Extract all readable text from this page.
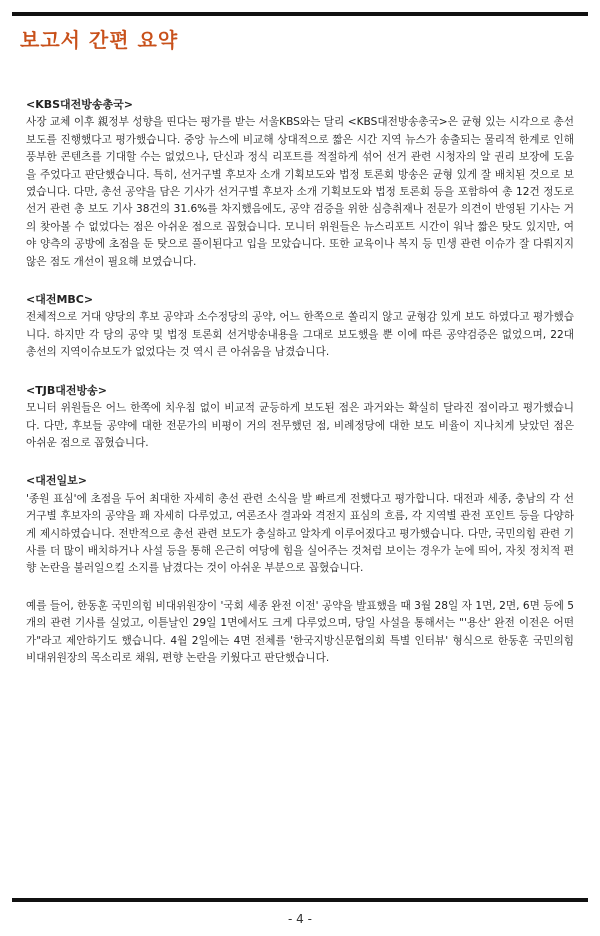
보고서 간편 요약
<KBS대전방송총국>

사장 교체 이후 親정부 성향을 띤다는 평가를 받는 서울KBS와는 달리 <KBS대전방송총국>은 균형 있는 시각으로 총선 보도를 진행했다고 평가했습니다. 중앙 뉴스에 비교해 상대적으로 짧은 시간 지역 뉴스가 송출되는 물리적 한계로 인해 풍부한 콘텐츠를 기대할 수는 없었으나, 단신과 정식 리포트를 적절하게 섞어 선거 관련 시청자의 알 권리 보장에 도움을 주었다고 판단했습니다. 특히, 선거구별 후보자 소개 기획보도와 법정 토론회 방송은 균형 있게 잘 배치된 것으로 보였습니다. 다만, 총선 공약을 담은 기사가 선거구별 후보자 소개 기획보도와 법정 토론회 등을 포함하여 총 12건 정도로 선거 관련 총 보도 기사 38건의 31.6%를 차지했음에도, 공약 검증을 위한 심층취재나 전문가 의견이 반영된 기사는 거의 찾아볼 수 없었다는 점은 아쉬운 점으로 꼽혔습니다. 모니터 위원들은 뉴스리포트 시간이 워낙 짧은 탓도 있지만, 여야 양측의 공방에 초점을 둔 탓으로 풀이된다고 입을 모았습니다. 또한 교육이나 복지 등 민생 관련 이슈가 잘 다뤄지지 않은 점도 개선이 필요해 보였습니다.

<대전MBC>

전체적으로 거대 양당의 후보 공약과 소수정당의 공약, 어느 한쪽으로 쏠리지 않고 균형감 있게 보도 하였다고 평가했습니다. 하지만 각 당의 공약 및 법정 토론회 선거방송내용을 그대로 보도했을 뿐 이에 따른 공약검증은 없었으며, 22대 총선의 지역이슈보도가 없었다는 것 역시 큰 아쉬움을 남겼습니다.

<TJB대전방송>

모니터 위원들은 어느 한쪽에 치우침 없이 비교적 균등하게 보도된 점은 과거와는 확실히 달라진 점이라고 평가했습니다. 다만, 후보들 공약에 대한 전문가의 비평이 거의 전무했던 점, 비례정당에 대한 보도 비율이 지나치게 낮았던 점은 아쉬운 점으로 꼽혔습니다.

<대전일보>

'종원 표심'에 초점을 두어 최대한 자세히 총선 관련 소식을 발 빠르게 전했다고 평가합니다. 대전과 세종, 충남의 각 선거구별 후보자의 공약을 꽤 자세히 다루었고, 여론조사 결과와 격전지 표심의 흐름, 각 지역별 관전 포인트 등을 다양하게 제시하였습니다. 전반적으로 총선 관련 보도가 충실하고 알차게 이루어졌다고 평가했습니다. 다만, 국민의힘 관련 기사를 더 많이 배치하거나 사설 등을 통해 은근히 여당에 힘을 실어주는 것처럼 보이는 경우가 눈에 띄어, 자칫 정치적 편향 논란을 불러일으킬 소지를 남겼다는 것이 아쉬운 부분으로 꼽혔습니다.

예를 들어, 한동훈 국민의힘 비대위원장이 '국회 세종 완전 이전' 공약을 발표했을 때 3월 28일 자 1면, 2면, 6면 등에 5개의 관련 기사를 실었고, 이튿날인 29일 1면에서도 크게 다루었으며, 당일 사설을 통해서는 "'용산' 완전 이전은 어떤 가"라고 제안하기도 했습니다. 4월 2일에는 4면 전체를 '한국지방신문협의회 특별 인터뷰' 형식으로 한동훈 국민의힘 비대위원장의 목소리로 채워, 편향 논란을 키웠다고 판단했습니다.

- 4 -
